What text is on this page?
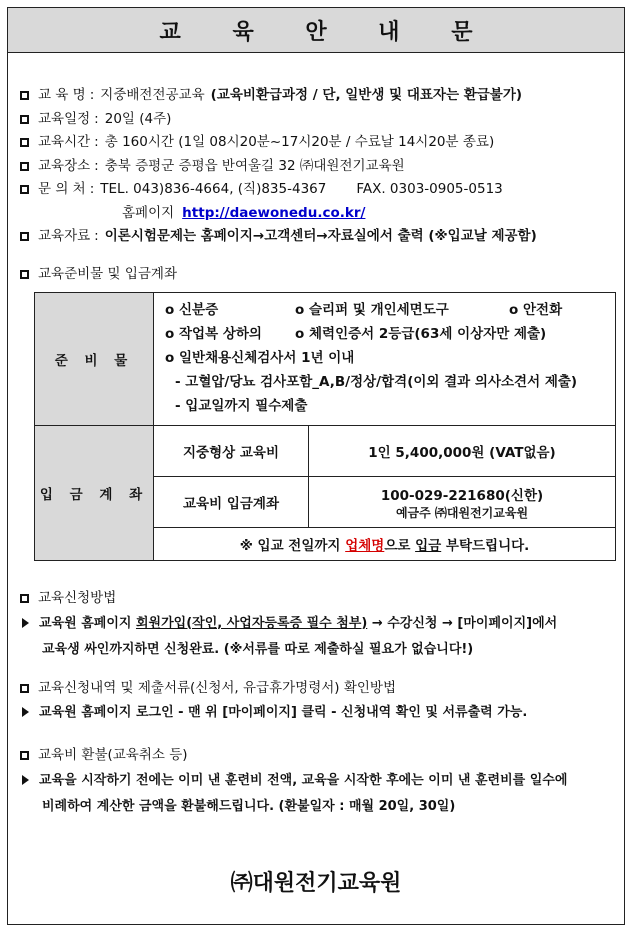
교 육 안 내 문
교 육 명 : 지중배전전공교육 (교육비환급과정 / 단, 일반생 및 대표자는 환급불가)
교육일정 : 20일 (4주)
교육시간 : 총 160시간 (1일 08시20분~17시20분 / 수료날 14시20분 종료)
교육장소 : 충북 증평군 증평읍 반여울길 32 ㈜대원전기교육원
문 의 처 : TEL. 043)836-4664, (직)835-4367 FAX. 0303-0905-0513
홈페이지 http://daewonedu.co.kr/
교육자료 : 이론시험문제는 홈페이지→고객센터→자료실에서 출력 (※입교날 제공함)
교육준비물 및 입금계좌
준 비 물	o 신분증 o 슬리퍼 및 개인세면도구 o 안전화
o 작업복 상하의 o 체력인증서 2등급(63세 이상자만 제출)
o 일반채용신체검사서 1년 이내
- 고혈압/당뇨 검사포함_A,B/정상/합격(이외 결과 의사소견서 제출)
- 입교일까지 필수제출	

입 금 계 좌	지중형상 교육비	1인 5,400,000원 (VAT없음)
	교육비 입금계좌	100-029-221680(신한)
예금주 ㈜대원전기교육원

	※ 입교 전일까지 업체명으로 입금 부탁드립니다.	
교육신청방법
교육원 홈페이지 회원가입(작인, 사업자등록증 필수 첨부) → 수강신청 → [마이페이지]에서
교육생 싸인까지하면 신청완료. (※서류를 따로 제출하실 필요가 없습니다!)
교육신청내역 및 제출서류(신청서, 유급휴가명령서) 확인방법
교육원 홈페이지 로그인 - 맨 위 [마이페이지] 클릭 - 신청내역 확인 및 서류출력 가능.
교육비 환불(교육취소 등)
교육을 시작하기 전에는 이미 낸 훈련비 전액, 교육을 시작한 후에는 이미 낸 훈련비를 일수에
비례하여 계산한 금액을 환불해드립니다. (환불일자 : 매월 20일, 30일)
㈜대원전기교육원
